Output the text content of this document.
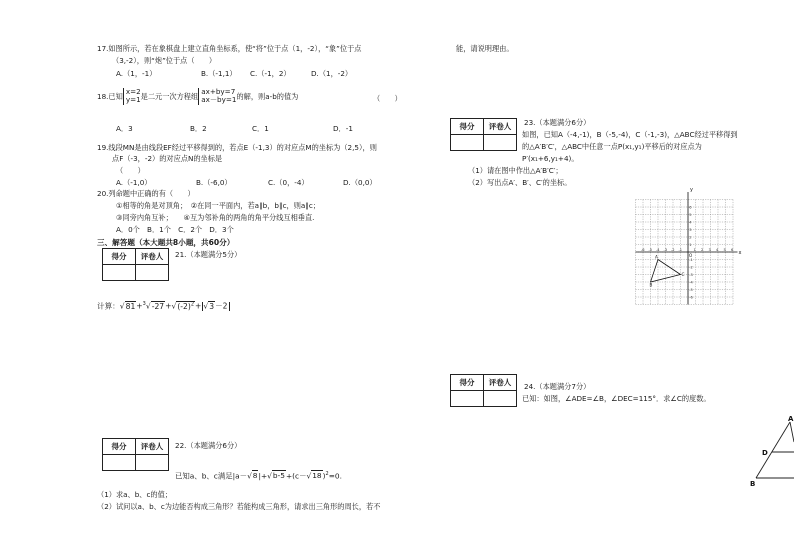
17.如图所示，若在象棋盘上建立直角坐标系，使“将”位于点（1，-2），“象”位于点
（3,-2），则“炮”位于点（　　）
A.（1，-1）	B.（-1,1） C.（-1，2）	D.（1，-2）
18.已知x=2
y=1是二元一次方程组ax+by=7
ax－by=1的解，则a-b的值为	（　　）
A．3	B．2	C．1	D．-1
19.线段MN是由线段EF经过平移得到的，若点E（-1,3）的对应点M的坐标为（2,5），则
点F（-3，-2）的对应点N的坐标是
（　　）
A.（-1,0）	B.（-6,0）	C.（0，-4）	D.（0,0）
20.列命题中正确的有（　　）
①相等的角是对顶角；　②在同一平面内，若a∥b，b∥c，则a∥c；
③同旁内角互补；　　④互为邻补角的两角的角平分线互相垂直.
A．0个　B．1个　C．2个　D．3个
三、解答题（本大题共8小题，共60分）
得分	评卷人
	21.（本题满分5分）
计算：$√81+^3√-27+√(-2)^2+ √3-2$
得分	评卷人
	22.（本题满分6分）
已知a、b、c满足$|a-√8|+√b-5+(c-√18)^2=0$.
（1）求a、b、c的值；
（2）试问以a、b、c为边能否构成三角形？若能构成三角形，请求出三角形的周长，若不
能，请说明理由。
得分	评卷人
	23.（本题满分6分）
如图，已知A（-4,-1)，B（-5,-4)，C（-1,-3)，△ABC经过平移得到
的△A′B′C′，△ABC中任意一点P(x₁,y₁)平移后的对应点为
P′(x₁+6,y₁+4)。
（1）请在图中作出△A′B′C′；
（2）写出点A′、B′、C′的坐标。
x
y
O
-6 -5 -4 -3 -2 -1	1 2 3 4 5 6
6
5
4
3
2
1
-1
-2
-3
-4
-5
-6
A
B
C
得分	评卷人
	24.（本题满分7分）
已知：如图，∠ADE=∠B，∠DEC=115°．求∠C的度数。
A
D
B
